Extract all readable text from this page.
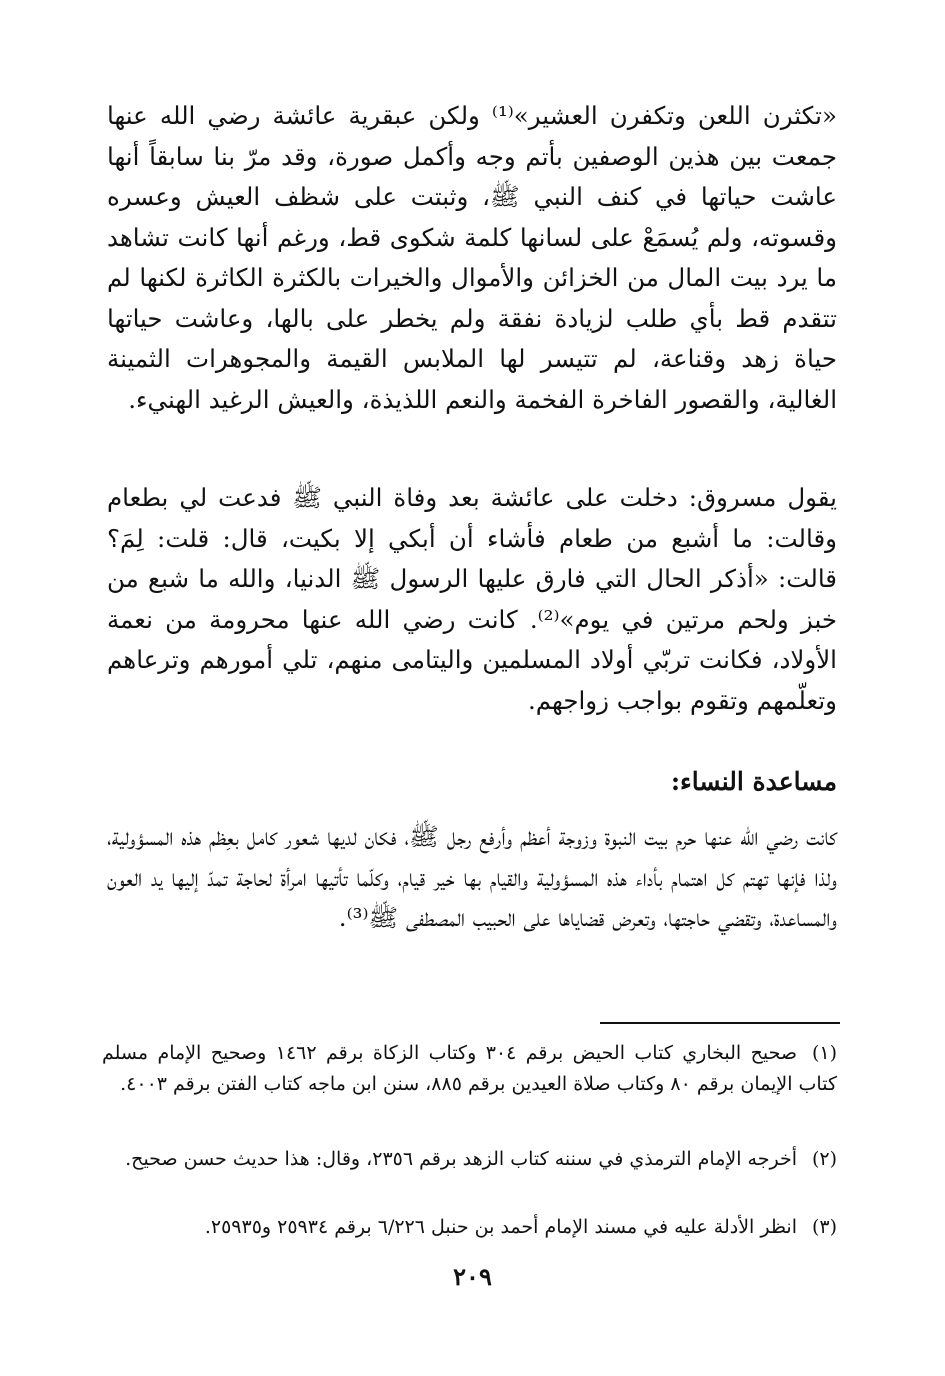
«تكثرن اللعن وتكفرن العشير»⁽¹⁾ ولكن عبقرية عائشة رضي الله عنها جمعت بين هذين الوصفين بأتم وجه وأكمل صورة، وقد مرّ بنا سابقاً أنها عاشت حياتها في كنف النبي ﷺ، وثبتت على شظف العيش وعسره وقسوته، ولم يُسمَعْ على لسانها كلمة شكوى قط، ورغم أنها كانت تشاهد ما يرد بيت المال من الخزائن والأموال والخيرات بالكثرة الكاثرة لكنها لم تتقدم قط بأي طلب لزيادة نفقة ولم يخطر على بالها، وعاشت حياتها حياة زهد وقناعة، لم تتيسر لها الملابس القيمة والمجوهرات الثمينة الغالية، والقصور الفاخرة الفخمة والنعم اللذيذة، والعيش الرغيد الهنيء.

يقول مسروق: دخلت على عائشة بعد وفاة النبي ﷺ فدعت لي بطعام وقالت: ما أشبع من طعام فأشاء أن أبكي إلا بكيت، قال: قلت: لِمَ؟ قالت: «أذكر الحال التي فارق عليها الرسول ﷺ الدنيا، والله ما شبع من خبز ولحم مرتين في يوم»⁽²⁾. كانت رضي الله عنها محرومة من نعمة الأولاد، فكانت تربّي أولاد المسلمين واليتامى منهم، تلي أمورهم وترعاهم وتعلّمهم وتقوم بواجب زواجهم.

مساعدة النساء:

كانت رضي الله عنها حرم بيت النبوة وزوجة أعظم وأرفع رجل ﷺ، فكان لديها شعور كامل بعِظم هذه المسؤولية، ولذا فإنها تهتم كل اهتمام بأداء هذه المسؤولية والقيام بها خير قيام، وكلّما تأتيها امرأة لحاجة تمدّ إليها يد العون والمساعدة، وتقضي حاجتها، وتعرض قضاياها على الحبيب المصطفى ﷺ⁽³⁾.

(١)صحيح البخاري كتاب الحيض برقم ٣٠٤ وكتاب الزكاة برقم ١٤٦٢ وصحيح الإمام مسلم كتاب الإيمان برقم ٨٠ وكتاب صلاة العيدين برقم ٨٨٥، سنن ابن ماجه كتاب الفتن برقم ٤٠٠٣.

(٢)أخرجه الإمام الترمذي في سننه كتاب الزهد برقم ٢٣٥٦، وقال: هذا حديث حسن صحيح.

(٣)انظر الأدلة عليه في مسند الإمام أحمد بن حنبل ٦/٢٢٦ برقم ٢٥٩٣٤ و٢٥٩٣٥.

٢٠٩
